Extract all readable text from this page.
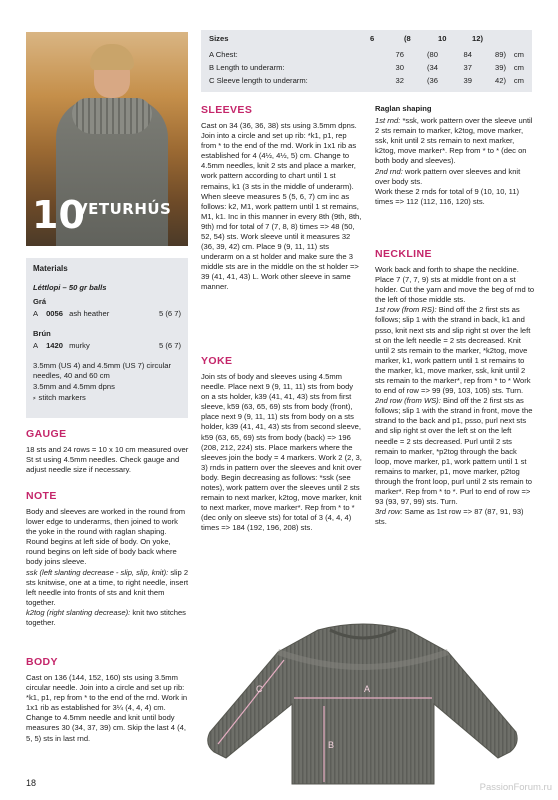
10
VETURHÚS
Materials
Léttlopi – 50 gr balls
Grá
A 0056 ash heather	5 (6 7)
Brún
A 1420 murky	5 (6 7)

3.5mm (US 4) and 4.5mm (US 7) circular needles, 40 and 60 cm

3.5mm and 4.5mm dpns
⸗ stitch markers
GAUGE

18 sts and 24 rows = 10 x 10 cm measured over St st using 4.5mm needles. Check gauge and adjust needle size if necessary.

NOTE

Body and sleeves are worked in the round from lower edge to underarms, then joined to work the yoke in the round with raglan shaping. Round begins at left side of body. On yoke, round begins on left side of body back where body joins sleeve.

ssk (left slanting decrease - slip, slip, knit): slip 2 sts knitwise, one at a time, to right needle, insert left needle into fronts of sts and knit them together.

k2tog (right slanting decrease): knit two stitches together.

BODY

Cast on 136 (144, 152, 160) sts using 3.5mm circular needle. Join into a circle and set up rib: *k1, p1, rep from * to the end of the rnd. Work in 1x1 rib as established for 3¼ (4, 4, 4) cm. Change to 4.5mm needle and knit until body measures 30 (34, 37, 39) cm. Skip the last 4 (4, 5, 5) sts in last rnd.

Sizes	6	(8	10	12)	
A Chest:	76	(80	84	89)	cm
B Length to underarm:	30	(34	37	39)	cm
C Sleeve length to underarm:	32	(36	39	42)	cm
SLEEVES

Cast on 34 (36, 36, 38) sts using 3.5mm dpns. Join into a circle and set up rib: *k1, p1, rep from * to the end of the rnd. Work in 1x1 rib as established for 4 (4½, 4½, 5) cm. Change to 4.5mm needles, knit 2 sts and place a marker, work pattern according to chart until 1 st remains, k1 (3 sts in the middle of underarm). When sleeve measures 5 (5, 6, 7) cm inc as follows: k2, M1, work pattern until 1 st remains, M1, k1. Inc in this manner in every 8th (9th, 8th, 9th) rnd for total of 7 (7, 8, 8) times => 48 (50, 52, 54) sts. Work sleeve until it measures 32 (36, 39, 42) cm. Place 9 (9, 11, 11) sts underarm on a st holder and make sure the 3 middle sts are in the middle on the st holder => 39 (41, 41, 43) L. Work other sleeve in same manner.

YOKE

Join sts of body and sleeves using 4.5mm needle. Place next 9 (9, 11, 11) sts from body on a sts holder, k39 (41, 41, 43) sts from first sleeve, k59 (63, 65, 69) sts from body (front), place next 9 (9, 11, 11) sts from body on a sts holder, k39 (41, 41, 43) sts from second sleeve, k59 (63, 65, 69) sts from body (back) => 196 (208, 212, 224) sts. Place markers where the sleeves join the body = 4 markers. Work 2 (2, 3, 3) rnds in pattern over the sleeves and knit over body. Begin decreasing as follows: *ssk (see notes), work pattern over the sleeves until 2 sts remain to next marker, k2tog, move marker, knit to next marker, move marker*. Rep from * to * (dec only on sleeve sts) for total of 3 (4, 4, 4) times => 184 (192, 196, 208) sts.

Raglan shaping

1st rnd: *ssk, work pattern over the sleeve until 2 sts remain to marker, k2tog, move marker, ssk, knit until 2 sts remain to next marker, k2tog, move marker*. Rep from * to * (dec on both body and sleeves).

2nd rnd: work pattern over sleeves and knit over body sts.

Work these 2 rnds for total of 9 (10, 10, 11) times => 112 (112, 116, 120) sts.

NECKLINE

Work back and forth to shape the neckline. Place 7 (7, 7, 9) sts at middle front on a st holder. Cut the yarn and move the beg of rnd to the left of those middle sts.

1st row (from RS): Bind off the 2 first sts as follows; slip 1 with the strand in back, k1 and psso, knit next sts and slip right st over the left st on the left needle = 2 sts decreased. Knit until 2 sts remain to the marker, *k2tog, move marker, k1, work pattern until 1 st remains to the marker, k1, move marker, ssk, knit until 2 sts remain to the marker*, rep from * to * Work to end of row => 99 (99, 103, 105) sts. Turn.

2nd row (from WS): Bind off the 2 first sts as follows; slip 1 with the strand in front, move the strand to the back and p1, psso, purl next sts and slip right st over the left st on the left needle = 2 sts decreased. Purl until 2 sts remain to marker, *p2tog through the back loop, move marker, p1, work pattern until 1 st remains to marker, p1, move marker, p2tog through the front loop, purl until 2 sts remain to marker*. Rep from * to *. Purl to end of row => 93 (93, 97, 99) sts. Turn.

3rd row: Same as 1st row => 87 (87, 91, 93) sts.

A
B
C
18	PassionForum.ru
